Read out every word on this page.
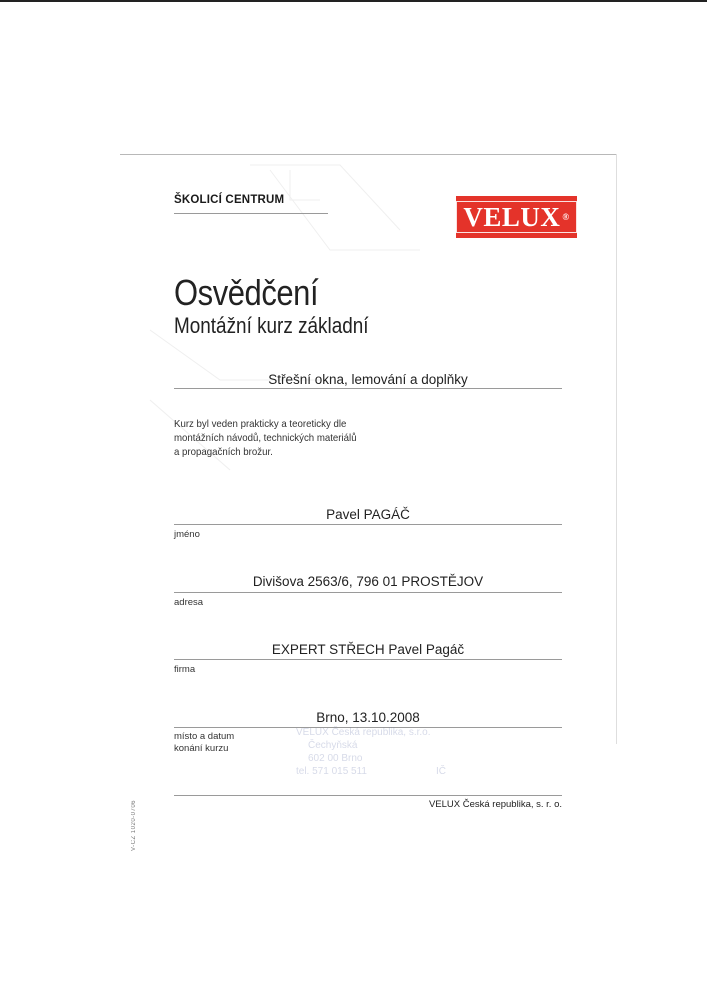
ŠKOLICÍ CENTRUM
VELUX ®
Osvědčení
Montážní kurz základní
Střešní okna, lemování a doplňky
Kurz byl veden prakticky a teoreticky dle
montážních návodů, technických materiálů
a propagačních brožur.
Pavel PAGÁČ
jméno
Divišova 2563/6, 796 01 PROSTĚJOV
adresa
EXPERT STŘECH Pavel Pagáč
firma
Brno, 13.10.2008
místo a datum
konání kurzu
VELUX Česká republika, s.r.o.
Čechyňská
602 00 Brno
tel. 571 015 511	IČ
VELUX Česká republika, s. r. o.
V-CZ 1020-0706
